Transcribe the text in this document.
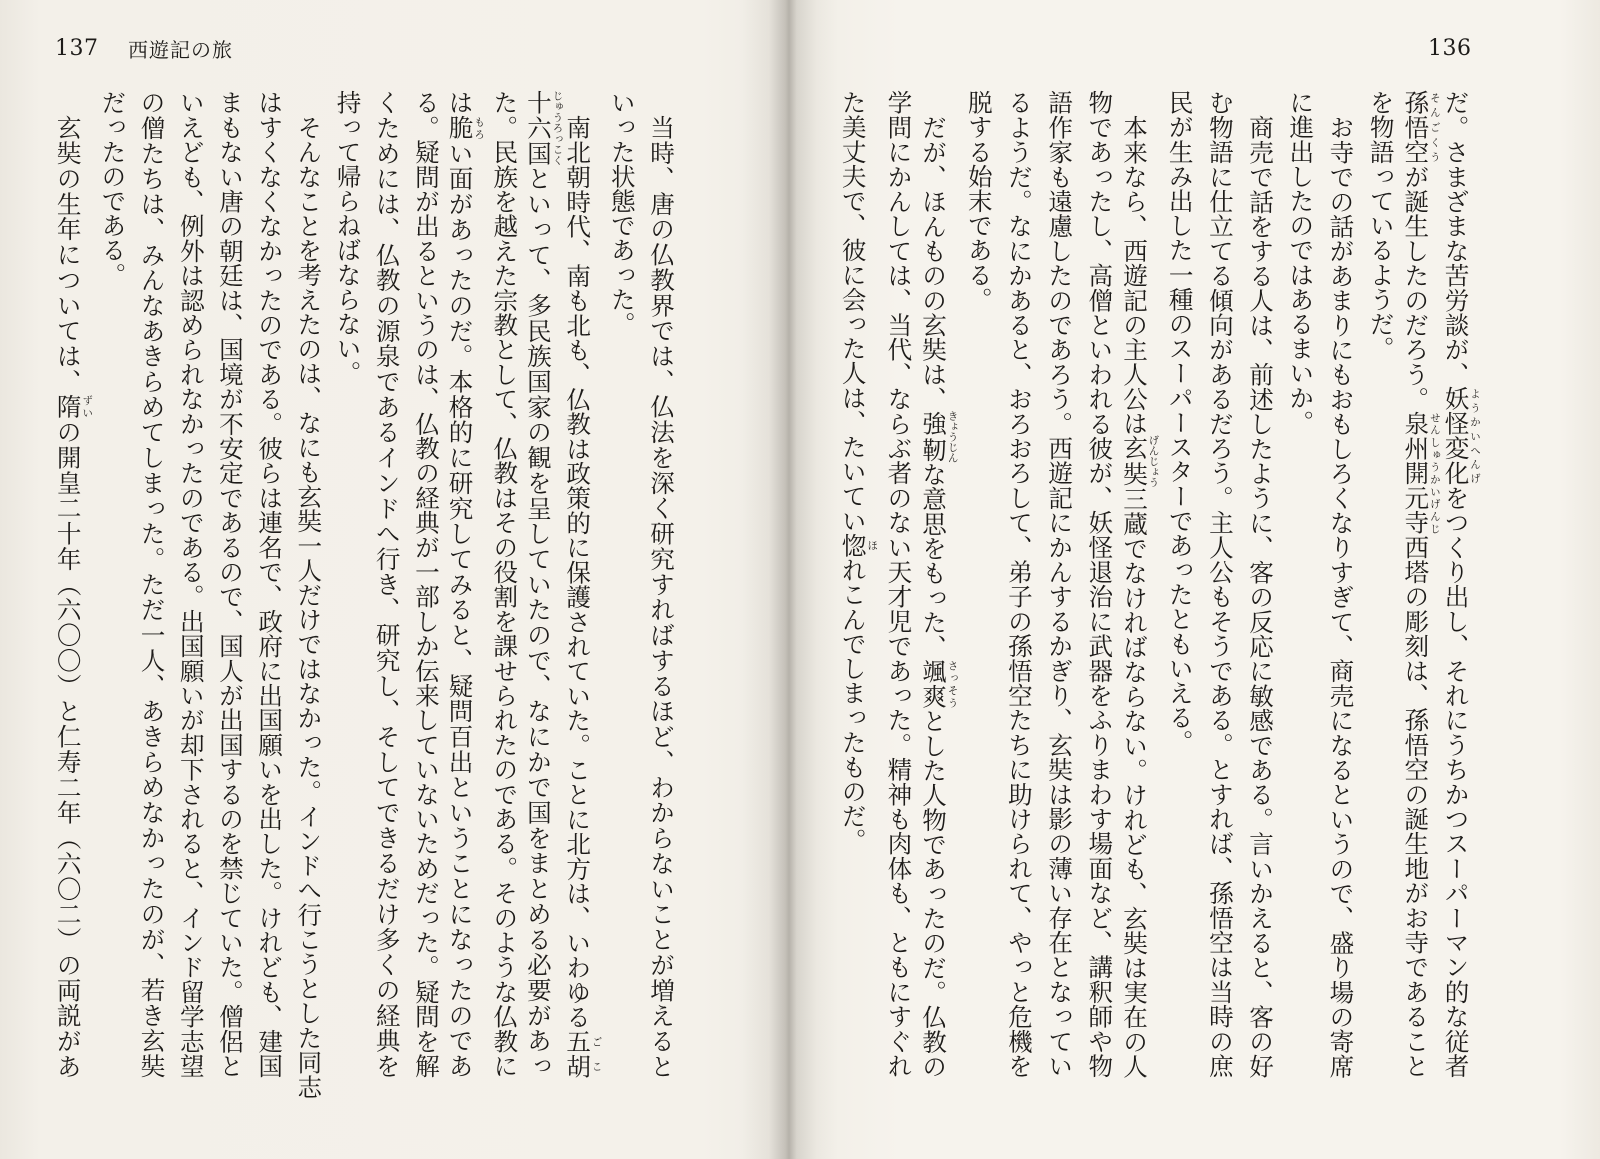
137 西遊記の旅
当時、唐の仏教界では、仏法を深く研究すればするほど、わからないことが増えると
いった状態であった。
南北朝時代、南も北も、仏教は政策的に保護されていた。ことに北方は、いわゆる五胡ごこ
十六国じゅうろっこくといって、多民族国家の観を呈していたので、なにかで国をまとめる必要があっ
た。民族を越えた宗教として、仏教はその役割を課せられたのである。そのような仏教に
は脆もろい面があったのだ。本格的に研究してみると、疑問百出ということになったのであ
る。疑問が出るというのは、仏教の経典が一部しか伝来していないためだった。疑問を解
くためには、仏教の源泉であるインドへ行き、研究し、そしてできるだけ多くの経典を
持って帰らねばならない。
そんなことを考えたのは、なにも玄奘一人だけではなかった。インドへ行こうとした同志
はすくなくなかったのである。彼らは連名で、政府に出国願いを出した。けれども、建国
まもない唐の朝廷は、国境が不安定であるので、国人が出国するのを禁じていた。僧侶と
いえども、例外は認められなかったのである。出国願いが却下されると、インド留学志望
の僧たちは、みんなあきらめてしまった。ただ一人、あきらめなかったのが、若き玄奘
だったのである。
玄奘の生年については、隋ずいの開皇二十年（六〇〇）と仁寿二年（六〇二）の両説があ
136
だ。さまざまな苦労談が、妖怪変化ようかいへんげをつくり出し、それにうちかつスーパーマン的な従者
孫悟空そんごくうが誕生したのだろう。泉州開元寺せんしゅうかいげんじ西塔の彫刻は、孫悟空の誕生地がお寺であること
を物語っているようだ。
お寺での話があまりにもおもしろくなりすぎて、商売になるというので、盛り場の寄席
に進出したのではあるまいか。
商売で話をする人は、前述したように、客の反応に敏感である。言いかえると、客の好
む物語に仕立てる傾向があるだろう。主人公もそうである。とすれば、孫悟空は当時の庶
民が生み出した一種のスーパースターであったともいえる。
本来なら、西遊記の主人公は玄奘げんじょう三蔵でなければならない。けれども、玄奘は実在の人
物であったし、高僧といわれる彼が、妖怪退治に武器をふりまわす場面など、講釈師や物
語作家も遠慮したのであろう。西遊記にかんするかぎり、玄奘は影の薄い存在となってい
るようだ。なにかあると、おろおろして、弟子の孫悟空たちに助けられて、やっと危機を
脱する始末である。
だが、ほんものの玄奘は、強靭きょうじんな意思をもった、颯爽さっそうとした人物であったのだ。仏教の
学問にかんしては、当代、ならぶ者のない天才児であった。精神も肉体も、ともにすぐれ
た美丈夫で、彼に会った人は、たいてい惚ほれこんでしまったものだ。
